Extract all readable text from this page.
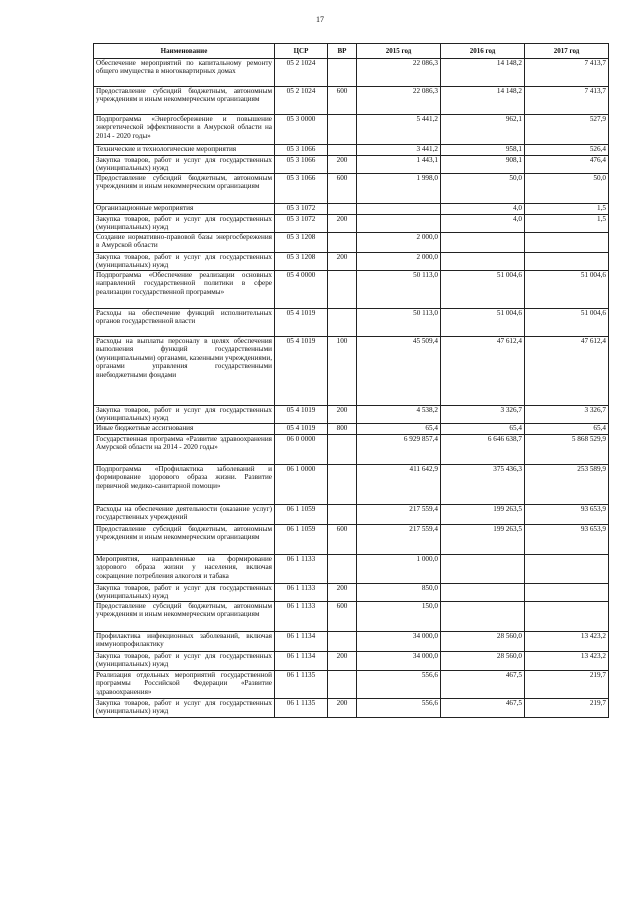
17
Наименование	ЦСР	ВР	2015 год	2016 год	2017 год
Обеспечение мероприятий по капитальному ремонту общего имущества в многоквартирных домах	05 2 1024		22 086,3	14 148,2	7 413,7
Предоставление субсидий бюджетным, автономным учреждениям и иным некоммерческим организациям	05 2 1024	600	22 086,3	14 148,2	7 413,7
Подпрограмма «Энергосбережение и повышение энергетической эффективности в Амурской области на 2014 - 2020 годы»	05 3 0000		5 441,2	962,1	527,9
Технические и технологические мероприятия	05 3 1066		3 441,2	958,1	526,4
Закупка товаров, работ и услуг для государственных (муниципальных) нужд	05 3 1066	200	1 443,1	908,1	476,4
Предоставление субсидий бюджетным, автономным учреждениям и иным некоммерческим организациям	05 3 1066	600	1 998,0	50,0	50,0
Организационные мероприятия	05 3 1072			4,0	1,5
Закупка товаров, работ и услуг для государственных (муниципальных) нужд	05 3 1072	200		4,0	1,5
Создание нормативно-правовой базы энергосбережения в Амурской области	05 3 1208		2 000,0		
Закупка товаров, работ и услуг для государственных (муниципальных) нужд	05 3 1208	200	2 000,0		
Подпрограмма «Обеспечение реализации основных направлений государственной политики в сфере реализации государственной программы»	05 4 0000		50 113,0	51 004,6	51 004,6
Расходы на обеспечение функций исполнительных органов государственной власти	05 4 1019		50 113,0	51 004,6	51 004,6
Расходы на выплаты персоналу в целях обеспечения выполнения функций государственными (муниципальными) органами, казенными учреждениями, органами управления государственными внебюджетными фондами	05 4 1019	100	45 509,4	47 612,4	47 612,4
Закупка товаров, работ и услуг для государственных (муниципальных) нужд	05 4 1019	200	4 538,2	3 326,7	3 326,7
Иные бюджетные ассигнования	05 4 1019	800	65,4	65,4	65,4
Государственная программа «Развитие здравоохранения Амурской области на 2014 - 2020 годы»	06 0 0000		6 929 857,4	6 646 638,7	5 868 529,9
Подпрограмма «Профилактика заболеваний и формирование здорового образа жизни. Развитие первичной медико-санитарной помощи»	06 1 0000		411 642,9	375 436,3	253 589,9
Расходы на обеспечение деятельности (оказание услуг) государственных учреждений	06 1 1059		217 559,4	199 263,5	93 653,9
Предоставление субсидий бюджетным, автономным учреждениям и иным некоммерческим организациям	06 1 1059	600	217 559,4	199 263,5	93 653,9
Мероприятия, направленные на формирование здорового образа жизни у населения, включая сокращение потребления алкоголя и табака	06 1 1133		1 000,0		
Закупка товаров, работ и услуг для государственных (муниципальных) нужд	06 1 1133	200	850,0		
Предоставление субсидий бюджетным, автономным учреждениям и иным некоммерческим организациям	06 1 1133	600	150,0		
Профилактика инфекционных заболеваний, включая иммунопрофилактику	06 1 1134		34 000,0	28 560,0	13 423,2
Закупка товаров, работ и услуг для государственных (муниципальных) нужд	06 1 1134	200	34 000,0	28 560,0	13 423,2
Реализация отдельных мероприятий государственной программы Российской Федерации «Развитие здравоохранения»	06 1 1135		556,6	467,5	219,7
Закупка товаров, работ и услуг для государственных (муниципальных) нужд	06 1 1135	200	556,6	467,5	219,7
